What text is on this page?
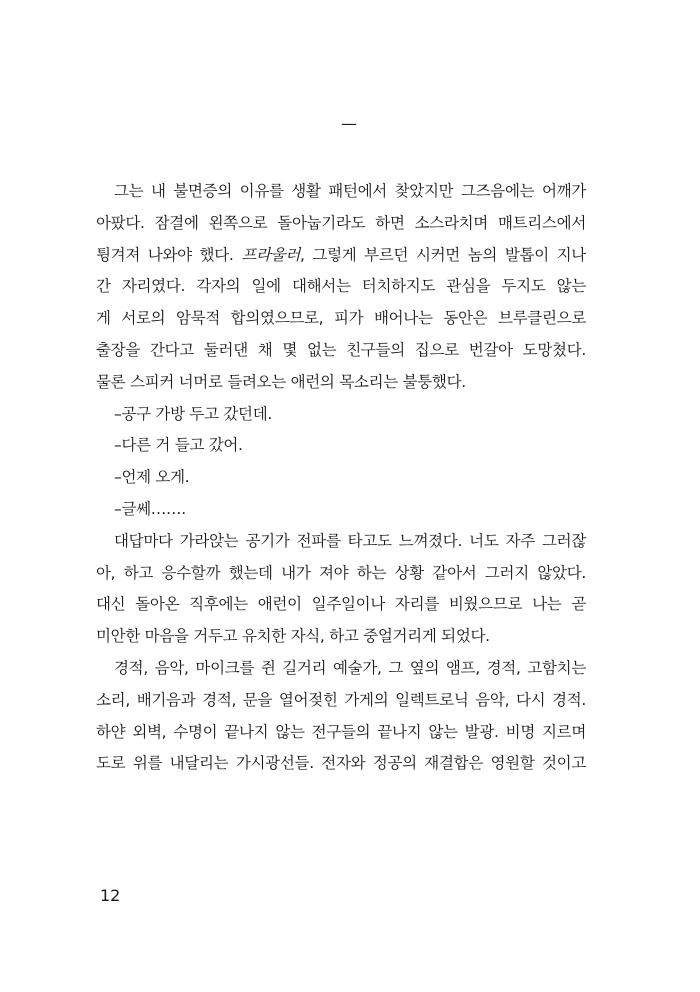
—
그는 내 불면증의 이유를 생활 패턴에서 찾았지만 그즈음에는 어깨가
아팠다. 잠결에 왼쪽으로 돌아눕기라도 하면 소스라치며 매트리스에서
튕겨져 나와야 했다. 프라울러, 그렇게 부르던 시커먼 놈의 발톱이 지나
간 자리였다. 각자의 일에 대해서는 터치하지도 관심을 두지도 않는
게 서로의 암묵적 합의였으므로, 피가 배어나는 동안은 브루클린으로
출장을 간다고 둘러댄 채 몇 없는 친구들의 집으로 번갈아 도망쳤다.
물론 스피커 너머로 들려오는 애런의 목소리는 불퉁했다.
–공구 가방 두고 갔던데.
–다른 거 들고 갔어.
–언제 오게.
–글쎄…….
대답마다 가라앉는 공기가 전파를 타고도 느껴졌다. 너도 자주 그러잖
아, 하고 응수할까 했는데 내가 져야 하는 상황 같아서 그러지 않았다.
대신 돌아온 직후에는 애런이 일주일이나 자리를 비웠으므로 나는 곧
미안한 마음을 거두고 유치한 자식, 하고 중얼거리게 되었다.
경적, 음악, 마이크를 쥔 길거리 예술가, 그 옆의 앰프, 경적, 고함치는
소리, 배기음과 경적, 문을 열어젖힌 가게의 일렉트로닉 음악, 다시 경적.
하얀 외벽, 수명이 끝나지 않는 전구들의 끝나지 않는 발광. 비명 지르며
도로 위를 내달리는 가시광선들. 전자와 정공의 재결합은 영원할 것이고
12
